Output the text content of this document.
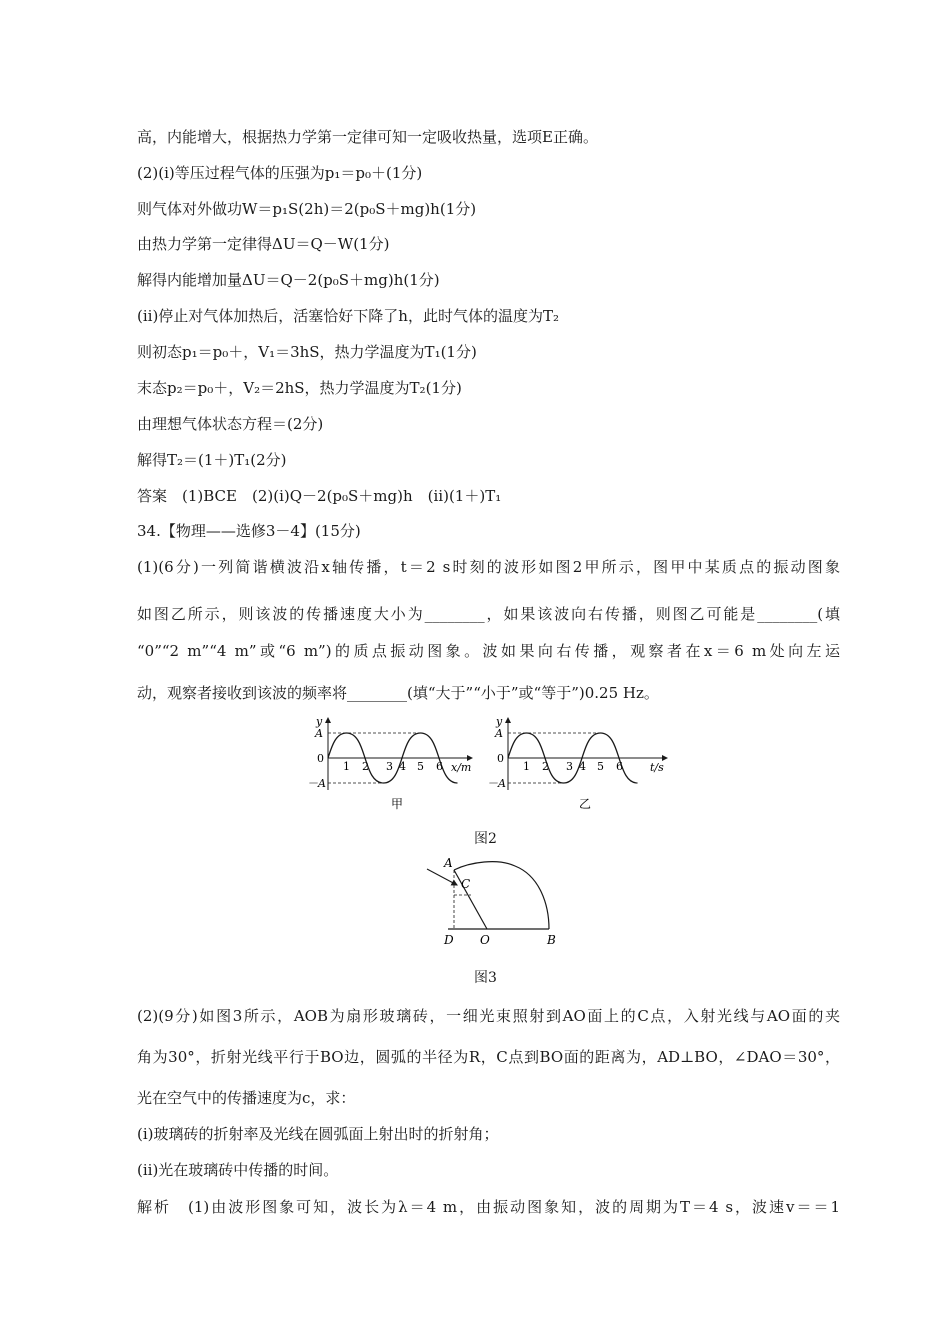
高，内能增大，根据热力学第一定律可知一定吸收热量，选项E正确。
(2)(ⅰ)等压过程气体的压强为p₁＝p₀＋(1分)
则气体对外做功W＝p₁S(2h)＝2(p₀S＋mg)h(1分)
由热力学第一定律得ΔU＝Q－W(1分)
解得内能增加量ΔU＝Q－2(p₀S＋mg)h(1分)
(ⅱ)停止对气体加热后，活塞恰好下降了h，此时气体的温度为T₂
则初态p₁＝p₀＋，V₁＝3hS，热力学温度为T₁(1分)
末态p₂＝p₀＋，V₂＝2hS，热力学温度为T₂(1分)
由理想气体状态方程＝(2分)
解得T₂＝(1＋)T₁(2分)
答案　(1)BCE　(2)(ⅰ)Q－2(p₀S＋mg)h　(ⅱ)(1＋)T₁
34.【物理——选修3－4】(15分)
(1)(6分)一列简谐横波沿x轴传播，t＝2 s时刻的波形如图2甲所示，图甲中某质点的振动图象
如图乙所示，则该波的传播速度大小为________，如果该波向右传播，则图乙可能是________(填
“0”“2 m”“4 m”或“6 m”)的质点振动图象。波如果向右传播，观察者在x＝6 m处向左运
动，观察者接收到该波的频率将________(填“大于”“小于”或“等于”)0.25 Hz。
y
A
0
－A
1 2 3 4 5 6 x/m
甲
y
A
0
－A
1 2 3 4 5 6 t/s
乙
图2
A
C
D O	B
图3
(2)(9分)如图3所示，AOB为扇形玻璃砖，一细光束照射到AO面上的C点，入射光线与AO面的夹
角为30°，折射光线平行于BO边，圆弧的半径为R，C点到BO面的距离为，AD⊥BO，∠DAO＝30°，
光在空气中的传播速度为c，求：
(ⅰ)玻璃砖的折射率及光线在圆弧面上射出时的折射角；
(ⅱ)光在玻璃砖中传播的时间。
解析　(1)由波形图象可知，波长为λ＝4 m，由振动图象知，波的周期为T＝4 s，波速v＝＝1
